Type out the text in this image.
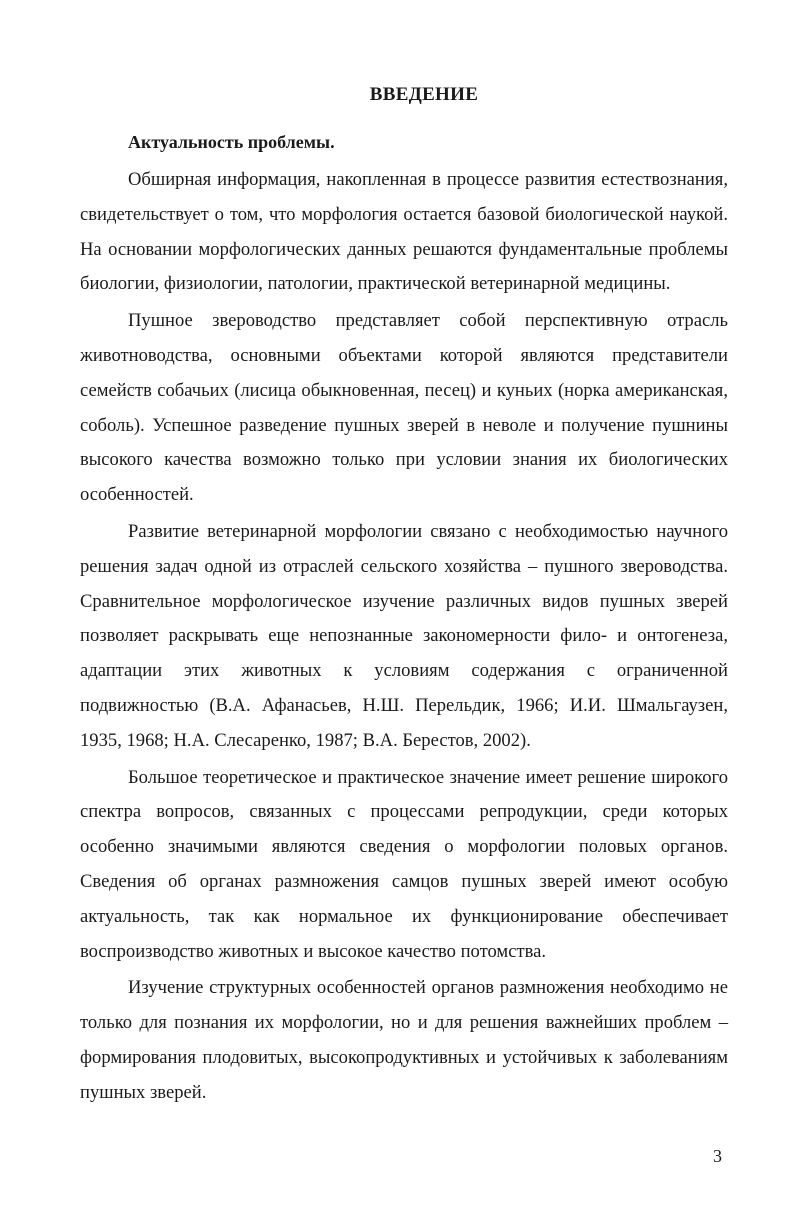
ВВЕДЕНИЕ
Актуальность проблемы.

Обширная информация, накопленная в процессе развития естествознания, свидетельствует о том, что морфология остается базовой биологической наукой. На основании морфологических данных решаются фундаментальные проблемы биологии, физиологии, патологии, практической ветеринарной медицины.

Пушное звероводство представляет собой перспективную отрасль животноводства, основными объектами которой являются представители семейств собачьих (лисица обыкновенная, песец) и куньих (норка американская, соболь). Успешное разведение пушных зверей в неволе и получение пушнины высокого качества возможно только при условии знания их биологических особенностей.

Развитие ветеринарной морфологии связано с необходимостью научного решения задач одной из отраслей сельского хозяйства – пушного звероводства. Сравнительное морфологическое изучение различных видов пушных зверей позволяет раскрывать еще непознанные закономерности фило- и онтогенеза, адаптации этих животных к условиям содержания с ограниченной подвижностью (В.А. Афанасьев, Н.Ш. Перельдик, 1966; И.И. Шмальгаузен, 1935, 1968; Н.А. Слесаренко, 1987; В.А. Берестов, 2002).

Большое теоретическое и практическое значение имеет решение широкого спектра вопросов, связанных с процессами репродукции, среди которых особенно значимыми являются сведения о морфологии половых органов. Сведения об органах размножения самцов пушных зверей имеют особую актуальность, так как нормальное их функционирование обеспечивает воспроизводство животных и высокое качество потомства.

Изучение структурных особенностей органов размножения необходимо не только для познания их морфологии, но и для решения важнейших проблем – формирования плодовитых, высокопродуктивных и устойчивых к заболеваниям пушных зверей.

3
